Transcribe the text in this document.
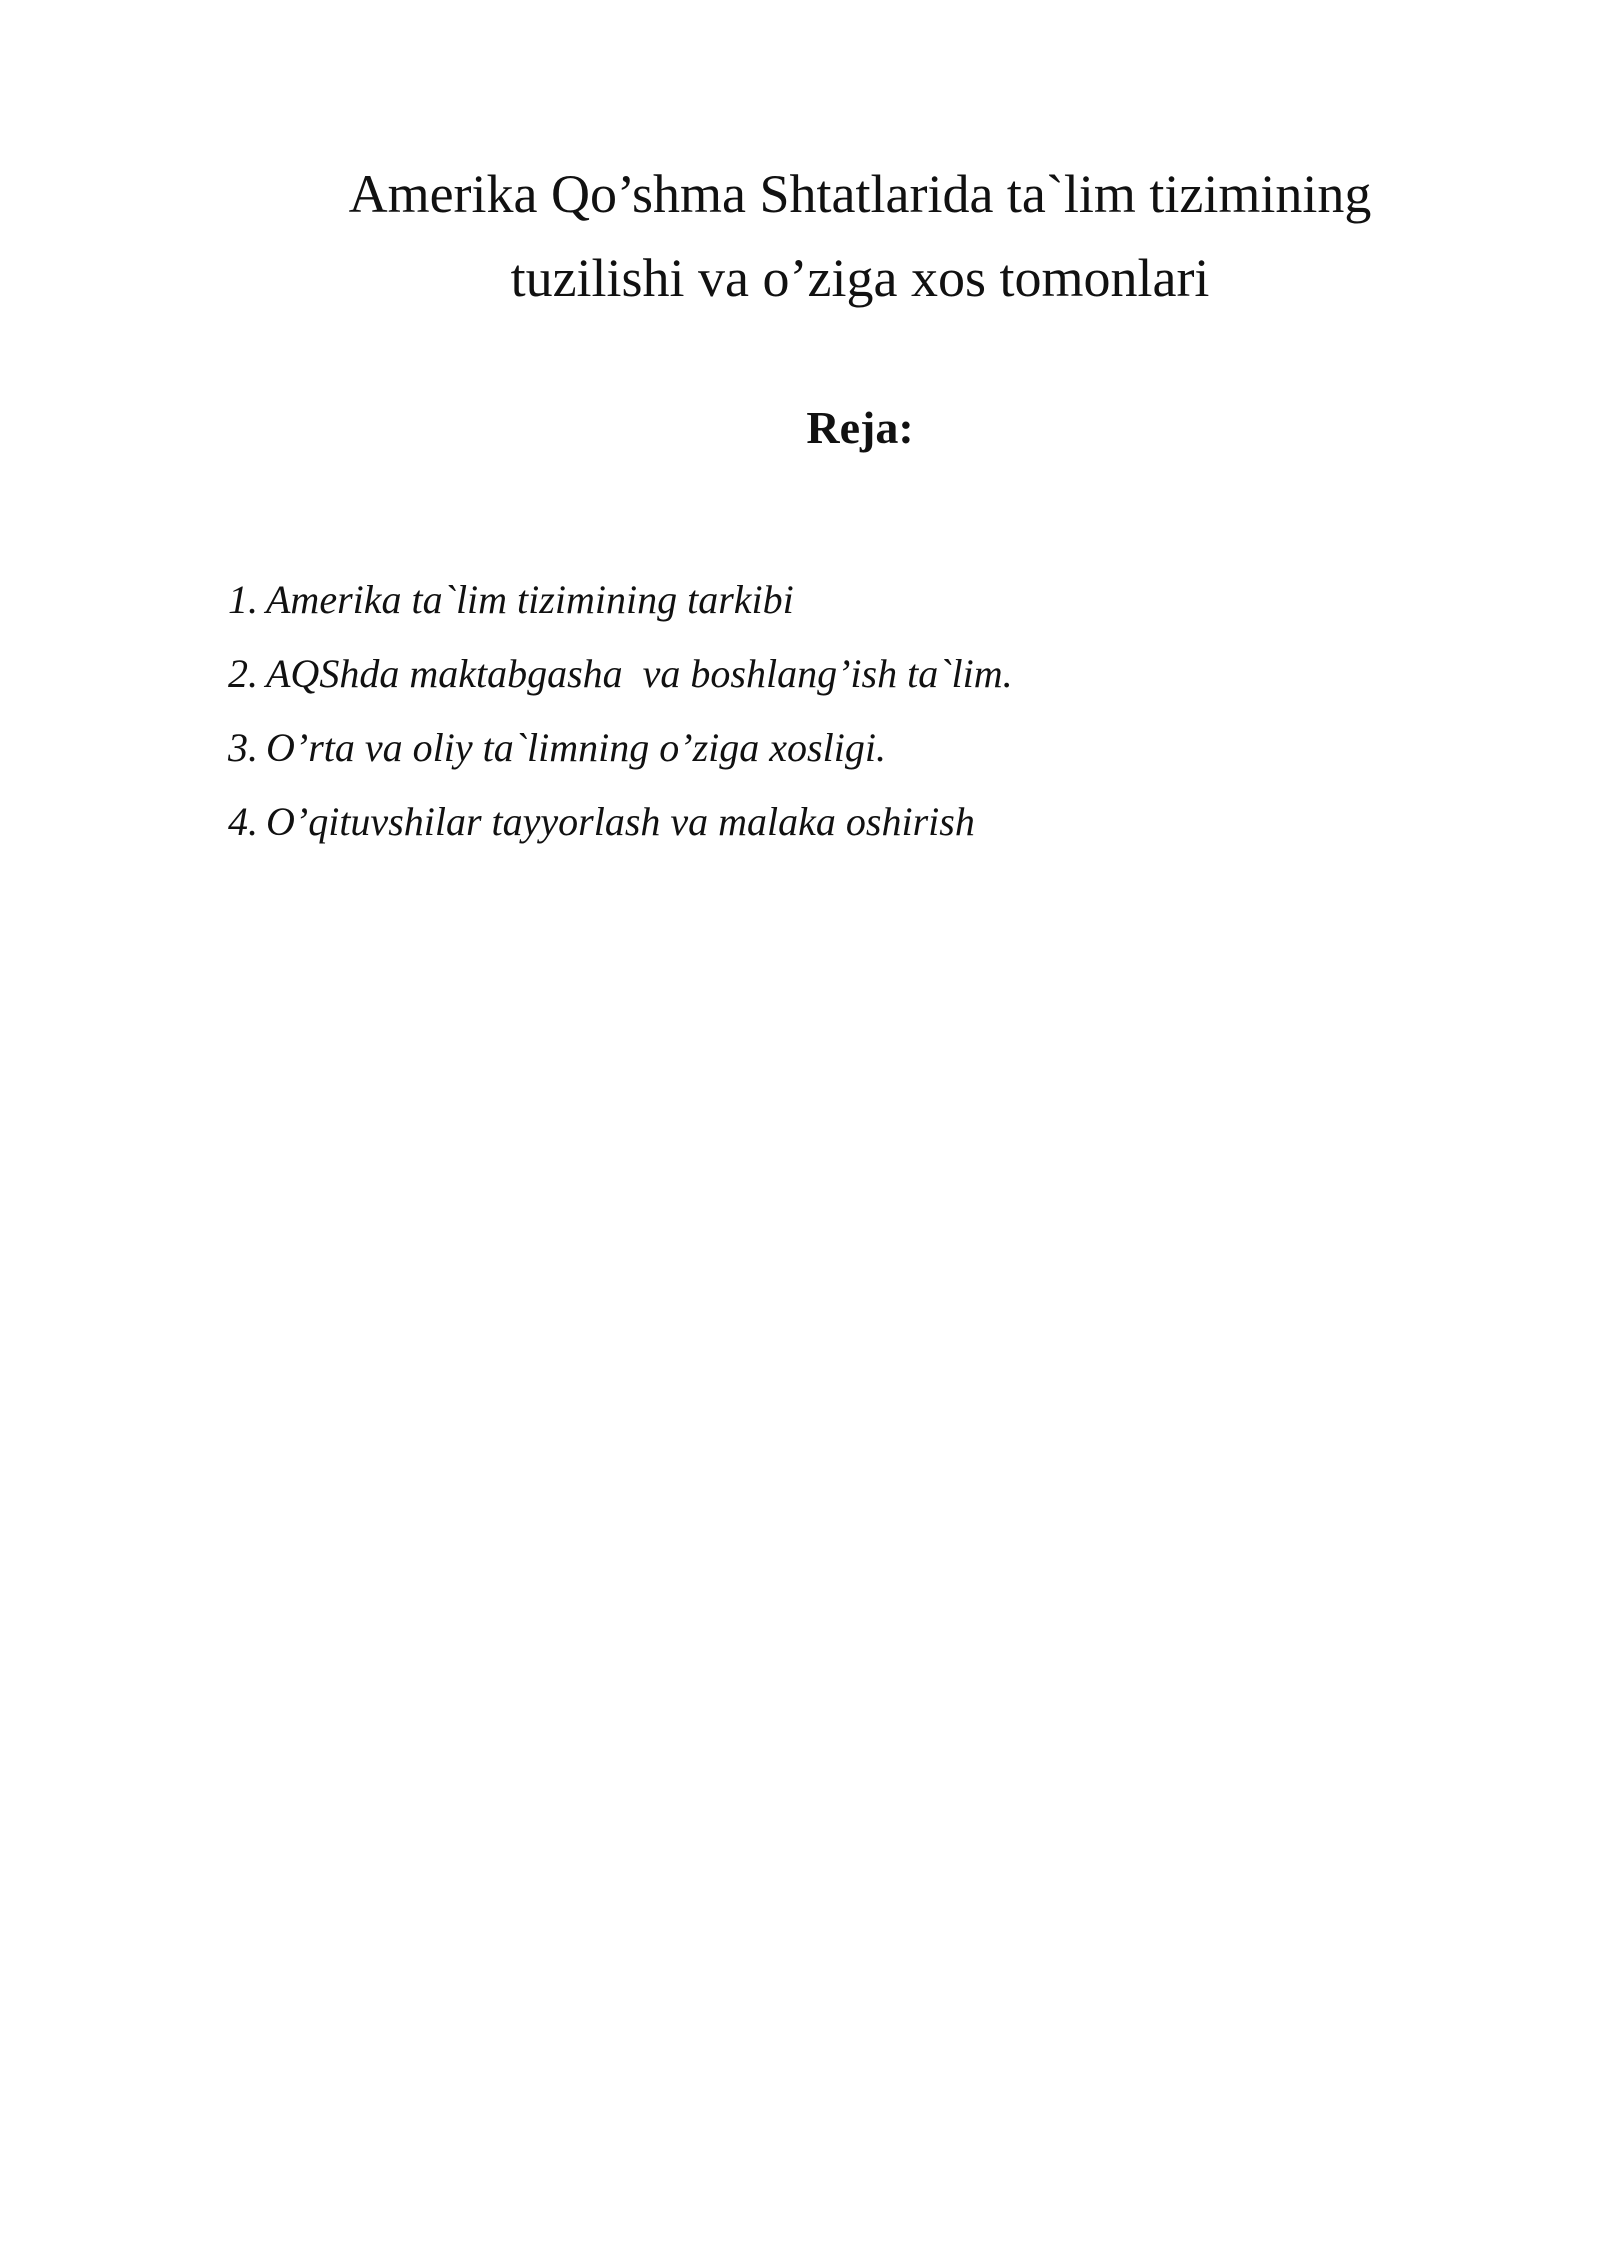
Amerika Qo’shma Shtatlarida ta`lim tizimining
tuzilishi va o’ziga xos tomonlari
Reja:
1. Amerika ta`lim tizimining tarkibi
2. AQShda maktabgasha  va boshlang’ish ta`lim.
3. O’rta va oliy ta`limning o’ziga xosligi.
4. O’qituvshilar tayyorlash va malaka oshirish
